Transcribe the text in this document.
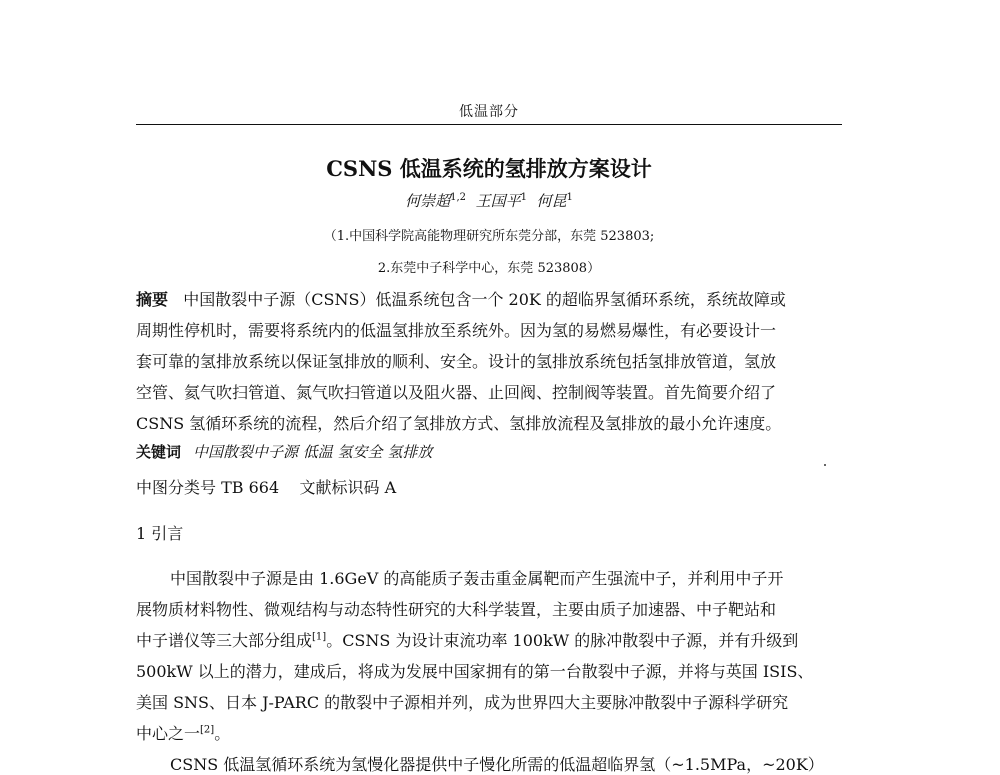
低温部分
CSNS 低温系统的氢排放方案设计
何崇超$^{1,2}$ 王国平$^1$ 何昆$^1$
（1.中国科学院高能物理研究所东莞分部，东莞 523803;
2.东莞中子科学中心，东莞 523808）
摘要 中国散裂中子源（CSNS）低温系统包含一个 20K 的超临界氢循环系统，系统故障或
周期性停机时，需要将系统内的低温氢排放至系统外。因为氢的易燃易爆性，有必要设计一
套可靠的氢排放系统以保证氢排放的顺利、安全。设计的氢排放系统包括氢排放管道，氢放
空管、氦气吹扫管道、氮气吹扫管道以及阻火器、止回阀、控制阀等装置。首先简要介绍了
CSNS 氢循环系统的流程，然后介绍了氢排放方式、氢排放流程及氢排放的最小允许速度。
关键词 中国散裂中子源 低温 氢安全 氢排放
中图分类号 TB 664 文献标识码 A
1 引言
中国散裂中子源是由 1.6GeV 的高能质子轰击重金属靶而产生强流中子，并利用中子开
展物质材料物性、微观结构与动态特性研究的大科学装置，主要由质子加速器、中子靶站和
中子谱仪等三大部分组成[1]。CSNS 为设计束流功率 100kW 的脉冲散裂中子源，并有升级到
500kW 以上的潜力，建成后，将成为发展中国家拥有的第一台散裂中子源，并将与英国 ISIS、
美国 SNS、日本 J-PARC 的散裂中子源相并列，成为世界四大主要脉冲散裂中子源科学研究
中心之一[2]。
CSNS 低温氢循环系统为氢慢化器提供中子慢化所需的低温超临界氢（~1.5MPa，~20K）
